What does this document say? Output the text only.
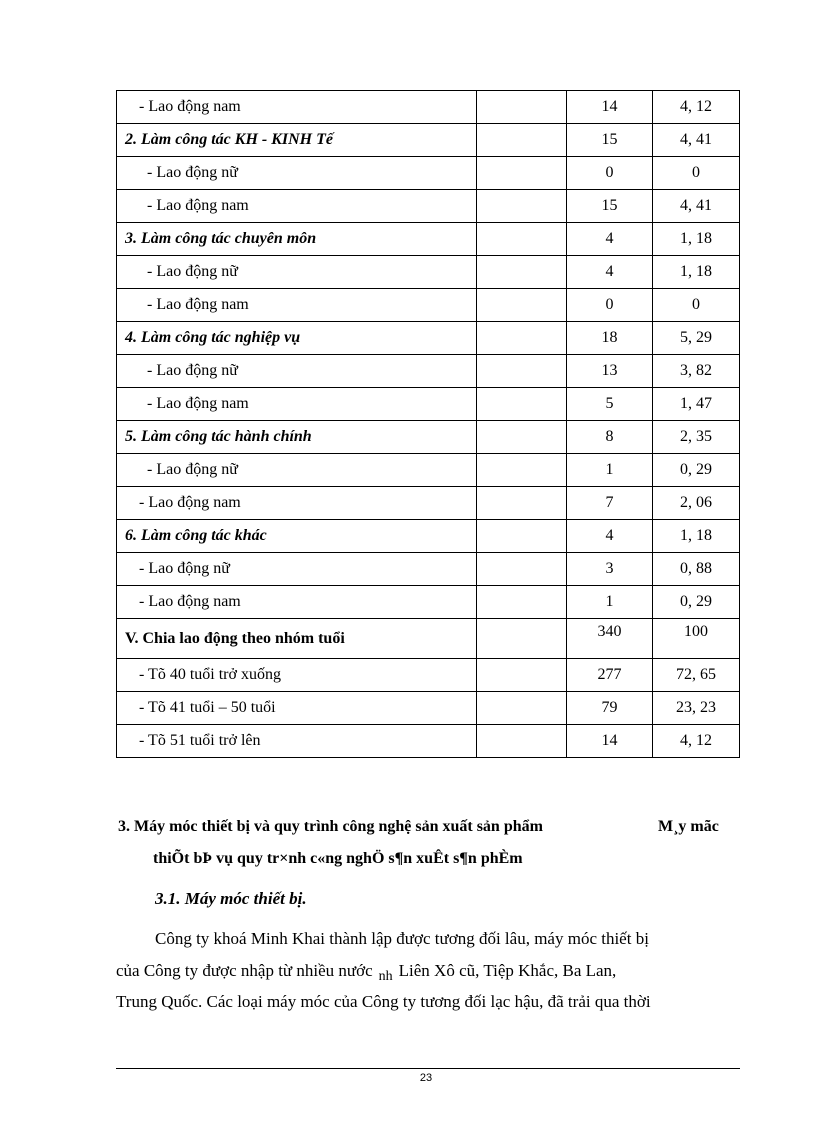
- Lao động nam		14	4, 12
2. Làm công tác KH - KINH Tế		15	4, 41
- Lao động nữ		0	0
- Lao động nam		15	4, 41
3. Làm công tác chuyên môn		4	1, 18
- Lao động nữ		4	1, 18
- Lao động nam		0	0
4. Làm công tác nghiệp vụ		18	5, 29
- Lao động nữ		13	3, 82
- Lao động nam		5	1, 47
5. Làm công tác hành chính		8	2, 35
- Lao động nữ		1	0, 29
- Lao động nam		7	2, 06
6. Làm công tác khác		4	1, 18
- Lao động nữ		3	0, 88
- Lao động nam		1	0, 29
V. Chia lao động theo nhóm tuổi		340	100
- Tõ 40 tuổi trở xuống		277	72, 65
- Tõ 41 tuổi – 50 tuổi		79	23, 23
- Tõ 51 tuổi trở lên		14	4, 12
3. Máy móc thiết bị và quy trình công nghệ sản xuất sản phẩm	M¸y mãc
thiÕt bÞ vụ quy tr×nh c«ng nghÖ s¶n xuÊt s¶n phÈm
3.1. Máy móc thiết bị.
Công ty khoá Minh Khai thành lập được tương đối lâu, máy móc thiết bị
của Công ty được nhập từ nhiều nước $_{nh}$ Liên Xô cũ, Tiệp Khắc, Ba Lan,
Trung Quốc. Các loại máy móc của Công ty tương đối lạc hậu, đã trải qua thời
23
